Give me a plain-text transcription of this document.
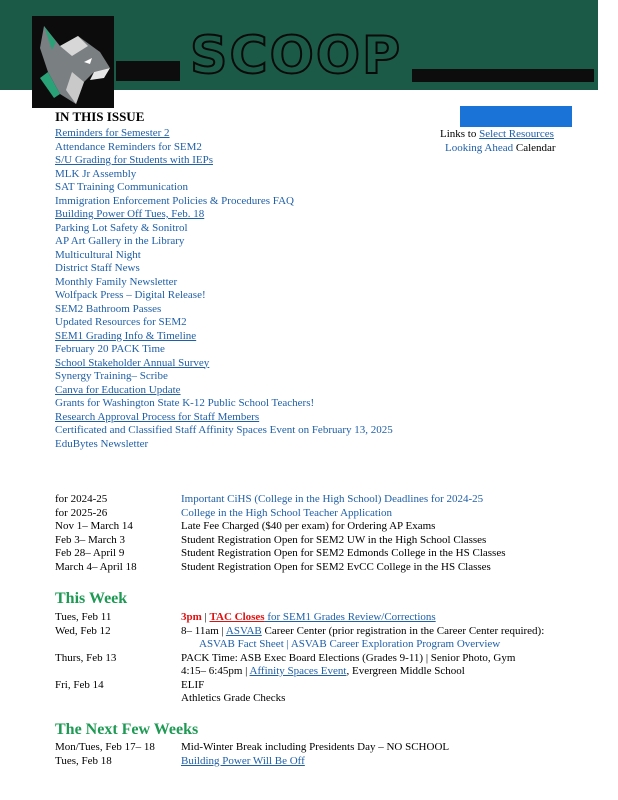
SCOOP
IN THIS ISSUE
Reminders for Semester 2
Attendance Reminders for SEM2
S/U Grading for Students with IEPs
MLK Jr Assembly
SAT Training Communication
Immigration Enforcement Policies & Procedures FAQ
Building Power Off Tues, Feb. 18
Parking Lot Safety & Sonitrol
AP Art Gallery in the Library
Multicultural Night
District Staff News
Monthly Family Newsletter
Wolfpack Press – Digital Release!
SEM2 Bathroom Passes
Updated Resources for SEM2
SEM1 Grading Info & Timeline
February 20 PACK Time
School Stakeholder Annual Survey
Synergy Training– Scribe
Canva for Education Update
Grants for Washington State K-12 Public School Teachers!
Research Approval Process for Staff Members
Certificated and Classified Staff Affinity Spaces Event on February 13, 2025
EduBytes Newsletter
Links to Select Resources
Looking Ahead Calendar
for 2024-25	Important CiHS (College in the High School) Deadlines for 2024-25
for 2025-26	College in the High School Teacher Application
Nov 1– March 14	Late Fee Charged ($40 per exam) for Ordering AP Exams
Feb 3– March 3	Student Registration Open for SEM2 UW in the High School Classes
Feb 28– April 9	Student Registration Open for SEM2 Edmonds College in the HS Classes
March 4– April 18	Student Registration Open for SEM2 EvCC College in the HS Classes
This Week
Tues, Feb 11	3pm | TAC Closes for SEM1 Grades Review/Corrections
Wed, Feb 12	8– 11am | ASVAB Career Center (prior registration in the Career Center required):
ASVAB Fact Sheet | ASVAB Career Exploration Program Overview
Thurs, Feb 13	PACK Time: ASB Exec Board Elections (Grades 9-11) | Senior Photo, Gym
4:15– 6:45pm | Affinity Spaces Event, Evergreen Middle School
Fri, Feb 14	ELIF
Athletics Grade Checks
The Next Few Weeks
Mon/Tues, Feb 17– 18	Mid-Winter Break including Presidents Day – NO SCHOOL
Tues, Feb 18	Building Power Will Be Off
